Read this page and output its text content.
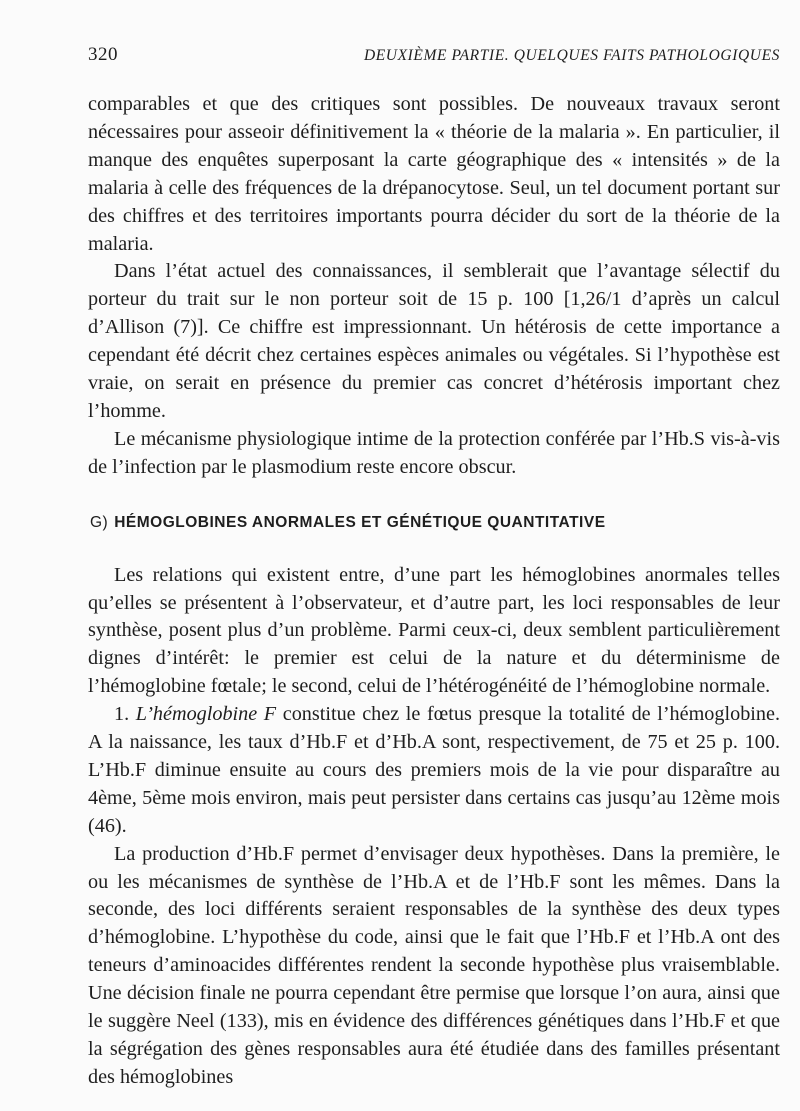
320	DEUXIÈME PARTIE. QUELQUES FAITS PATHOLOGIQUES

comparables et que des critiques sont possibles. De nouveaux travaux seront nécessaires pour asseoir définitivement la « théorie de la malaria ». En particulier, il manque des enquêtes superposant la carte géographique des « intensités » de la malaria à celle des fréquences de la drépanocytose. Seul, un tel document portant sur des chiffres et des territoires importants pourra décider du sort de la théorie de la malaria.

Dans l’état actuel des connaissances, il semblerait que l’avantage sélectif du porteur du trait sur le non porteur soit de 15 p. 100 [1,26/1 d’après un calcul d’Allison (7)]. Ce chiffre est impressionnant. Un hétérosis de cette importance a cependant été décrit chez certaines espèces animales ou végétales. Si l’hypothèse est vraie, on serait en présence du premier cas concret d’hétérosis important chez l’homme.

Le mécanisme physiologique intime de la protection conférée par l’Hb.S vis-à-vis de l’infection par le plasmodium reste encore obscur.

G) HÉMOGLOBINES ANORMALES ET GÉNÉTIQUE QUANTITATIVE

Les relations qui existent entre, d’une part les hémoglobines anormales telles qu’elles se présentent à l’observateur, et d’autre part, les loci responsables de leur synthèse, posent plus d’un problème. Parmi ceux-ci, deux semblent particulièrement dignes d’intérêt: le premier est celui de la nature et du déterminisme de l’hémoglobine fœtale; le second, celui de l’hétérogénéité de l’hémoglobine normale.

1. L’hémoglobine F constitue chez le fœtus presque la totalité de l’hémoglobine. A la naissance, les taux d’Hb.F et d’Hb.A sont, respectivement, de 75 et 25 p. 100. L’Hb.F diminue ensuite au cours des premiers mois de la vie pour disparaître au 4ème, 5ème mois environ, mais peut persister dans certains cas jusqu’au 12ème mois (46).

La production d’Hb.F permet d’envisager deux hypothèses. Dans la première, le ou les mécanismes de synthèse de l’Hb.A et de l’Hb.F sont les mêmes. Dans la seconde, des loci différents seraient responsables de la synthèse des deux types d’hémoglobine. L’hypothèse du code, ainsi que le fait que l’Hb.F et l’Hb.A ont des teneurs d’aminoacides différentes rendent la seconde hypothèse plus vraisemblable. Une décision finale ne pourra cependant être permise que lorsque l’on aura, ainsi que le suggère Neel (133), mis en évidence des différences génétiques dans l’Hb.F et que la ségrégation des gènes responsables aura été étudiée dans des familles présentant des hémoglobines
